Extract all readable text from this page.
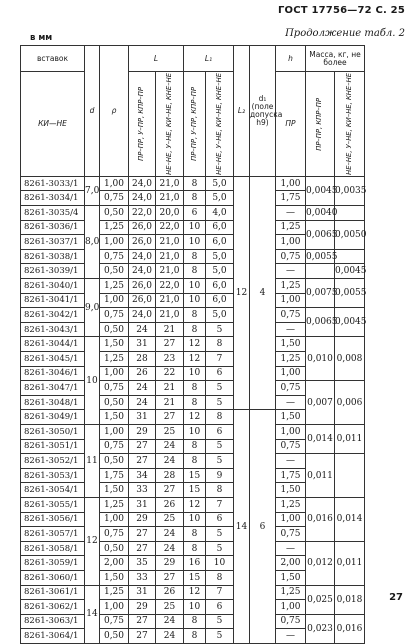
ГОСТ 17756—72 С. 25
Продолжение табл. 2
в мм
вставок	d	ρ	L		L₁		L₂	d₁ (поле допуска h9)	h	Масса, кг, не более	
КИ—НЕ			ПР–ПР, У–ПР, КПР–ПР	НЕ–НЕ, У–НЕ, КИ–НЕ, КНЕ–НЕ	ПР–ПР, У–ПР, КПР–ПР	НЕ–НЕ, У–НЕ, КИ–НЕ, КНЕ–НЕ			ПР	ПР–ПР, КПР–ПР	НЕ–НЕ, У–НЕ, КИ–НЕ, КНЕ–НЕ

8261-3033/1	7,0	1,00	24,0	21,0	8	5,0	12	4	1,00	0,0045	0,0035
8261-3034/1		0,75	24,0	21,0	8	5,0			1,75		
8261-3035/4	8,0	0,50	22,0	20,0	6	4,0			—	0,0040	
8261-3036/1		1,25	26,0	22,0	10	6,0			1,25	0,0065	0,0050
8261-3037/1		1,00	26,0	21,0	10	6,0			1,00		
8261-3038/1		0,75	24,0	21,0	8	5,0			0,75	0,0055	
8261-3039/1		0,50	24,0	21,0	8	5,0			—		0,0045
8261-3040/1	9,0	1,25	26,0	22,0	10	6,0			1,25	0,0075	0,0055
8261-3041/1		1,00	26,0	21,0	10	6,0			1,00		
8261-3042/1		0,75	24,0	21,0	8	5,0			0,75	0,0065	0,0045
8261-3043/1		0,50	24	21	8	5			—		
8261-3044/1	10	1,50	31	27	12	8			1,50	0,010	0,008
8261-3045/1		1,25	28	23	12	7			1,25		
8261-3046/1		1,00	26	22	10	6			1,00		
8261-3047/1		0,75	24	21	8	5			0,75	0,007	0,006
8261-3048/1		0,50	24	21	8	5			—		
8261-3049/1		1,50	31	27	12	8	14	6	1,50		
8261-3050/1	11	1,00	29	25	10	6			1,00	0,014	0,011
8261-3051/1		0,75	27	24	8	5			0,75		
8261-3052/1		0,50	27	24	8	5			—	0,011	
8261-3053/1		1,75	34	28	15	9			1,75		
8261-3054/1		1,50	33	27	15	8			1,50		
8261-3055/1	12	1,25	31	26	12	7			1,25	0,016	0,014
8261-3056/1		1,00	29	25	10	6			1,00		
8261-3057/1		0,75	27	24	8	5			0,75		
8261-3058/1		0,50	27	24	8	5			—	0,012	0,011
8261-3059/1		2,00	35	29	16	10			2,00		
8261-3060/1		1,50	33	27	15	8			1,50		
8261-3061/1	14	1,25	31	26	12	7			1,25	0,025	0,018
8261-3062/1		1,00	29	25	10	6			1,00		
8261-3063/1		0,75	27	24	8	5			0,75	0,023	0,016
8261-3064/1		0,50	27	24	8	5			—		
27
